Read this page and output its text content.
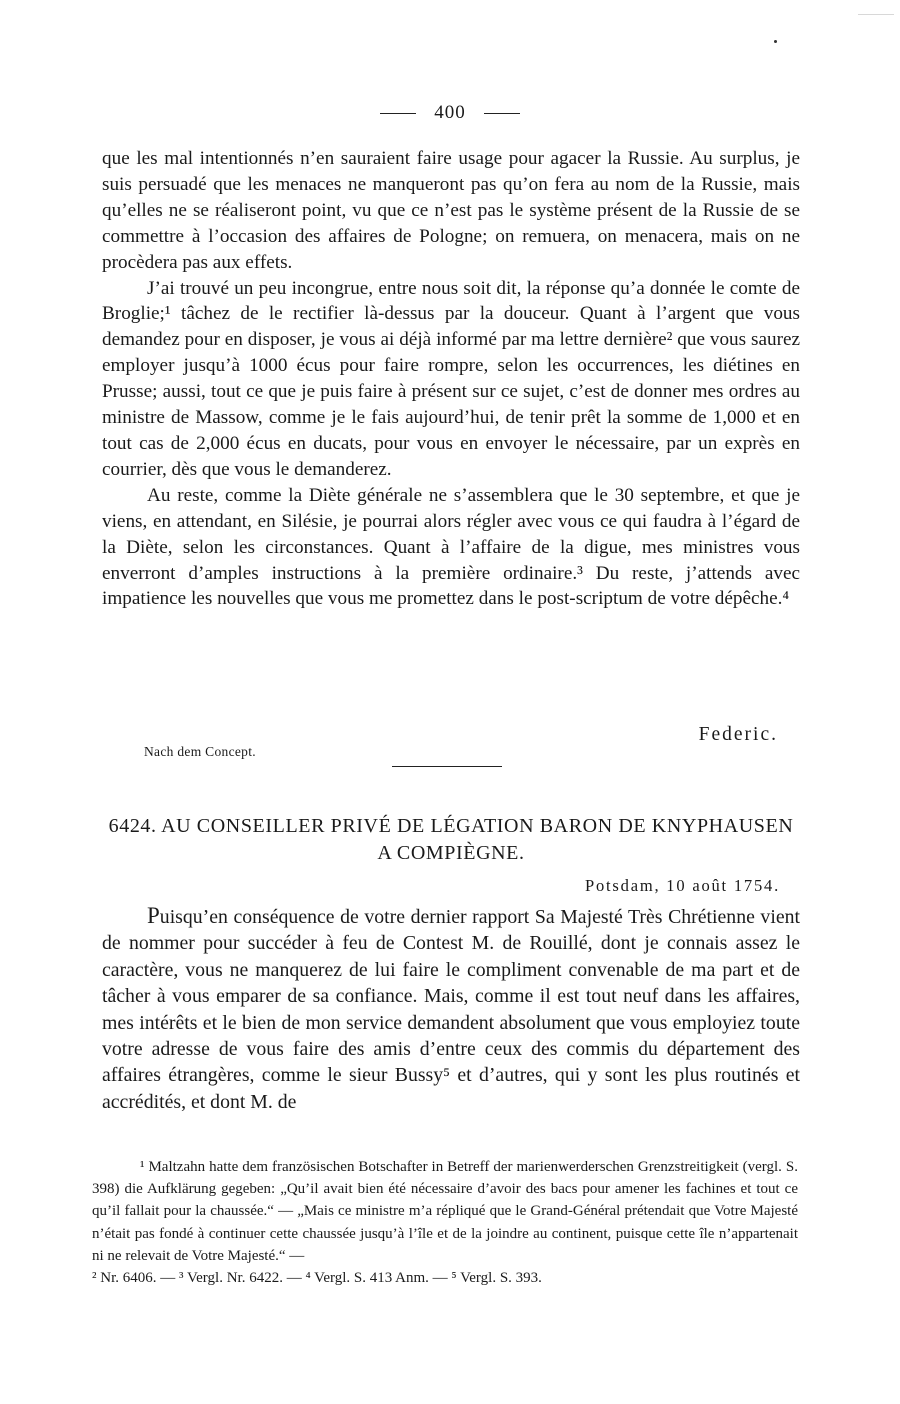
400

que les mal intentionnés n’en sauraient faire usage pour agacer la Russie. Au surplus, je suis persuadé que les menaces ne manqueront pas qu’on fera au nom de la Russie, mais qu’elles ne se réaliseront point, vu que ce n’est pas le système présent de la Russie de se commettre à l’occasion des affaires de Pologne; on remuera, on menacera, mais on ne procèdera pas aux effets.

J’ai trouvé un peu incongrue, entre nous soit dit, la réponse qu’a donnée le comte de Broglie;¹ tâchez de le rectifier là-dessus par la douceur. Quant à l’argent que vous demandez pour en disposer, je vous ai déjà informé par ma lettre dernière² que vous saurez employer jusqu’à 1000 écus pour faire rompre, selon les occurrences, les diétines en Prusse; aussi, tout ce que je puis faire à présent sur ce sujet, c’est de donner mes ordres au ministre de Massow, comme je le fais aujourd’hui, de tenir prêt la somme de 1,000 et en tout cas de 2,000 écus en ducats, pour vous en envoyer le nécessaire, par un exprès en courrier, dès que vous le demanderez.

Au reste, comme la Diète générale ne s’assemblera que le 30 septembre, et que je viens, en attendant, en Silésie, je pourrai alors régler avec vous ce qui faudra à l’égard de la Diète, selon les circonstances. Quant à l’affaire de la digue, mes ministres vous enverront d’amples instructions à la première ordinaire.³ Du reste, j’attends avec impatience les nouvelles que vous me promettez dans le post-scriptum de votre dépêche.⁴

Federic.
Nach dem Concept.
6424. AU CONSEILLER PRIVÉ DE LÉGATION BARON DE KNYPHAUSEN A COMPIÈGNE.
Potsdam, 10 août 1754.

Puisqu’en conséquence de votre dernier rapport Sa Majesté Très Chrétienne vient de nommer pour succéder à feu de Contest M. de Rouillé, dont je connais assez le caractère, vous ne manquerez de lui faire le compliment convenable de ma part et de tâcher à vous emparer de sa confiance. Mais, comme il est tout neuf dans les affaires, mes intérêts et le bien de mon service demandent absolument que vous employiez toute votre adresse de vous faire des amis d’entre ceux des commis du département des affaires étrangères, comme le sieur Bussy⁵ et d’autres, qui y sont les plus routinés et accrédités, et dont M. de

¹ Maltzahn hatte dem französischen Botschafter in Betreff der marienwerderschen Grenzstreitigkeit (vergl. S. 398) die Aufklärung gegeben: „Qu’il avait bien été nécessaire d’avoir des bacs pour amener les fachines et tout ce qu’il fallait pour la chaussée.“ — „Mais ce ministre m’a répliqué que le Grand-Général prétendait que Votre Majesté n’était pas fondé à continuer cette chaussée jusqu’à l’île et de la joindre au continent, puisque cette île n’appartenait ni ne relevait de Votre Majesté.“ —

² Nr. 6406. — ³ Vergl. Nr. 6422. — ⁴ Vergl. S. 413 Anm. — ⁵ Vergl. S. 393.
